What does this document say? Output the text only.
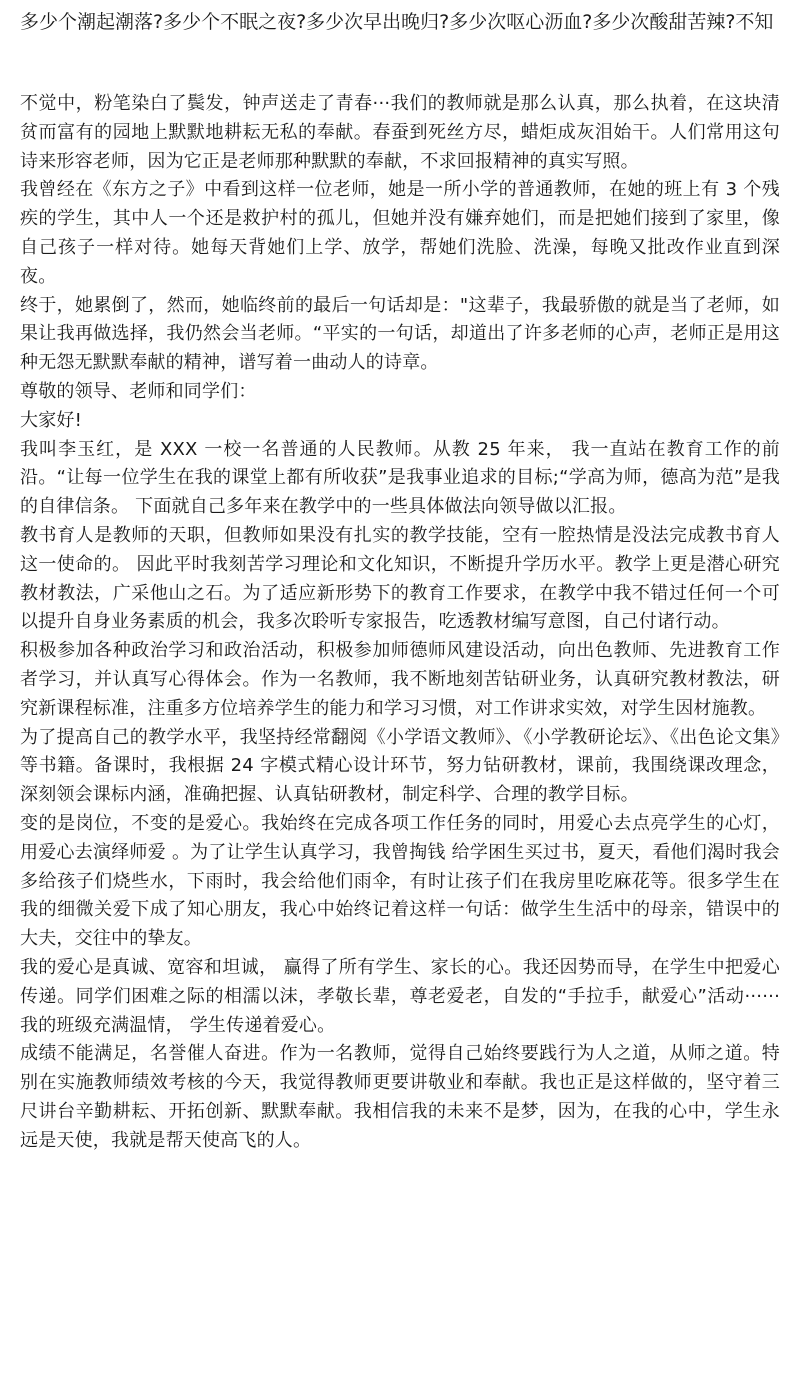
多少个潮起潮落?多少个不眠之夜?多少次早出晚归?多少次呕心沥血?多少次酸甜苦辣?不知

不觉中，粉笔染白了鬓发，钟声送走了青春···我们的教师就是那么认真，那么执着，在这块清贫而富有的园地上默默地耕耘无私的奉献。春蚕到死丝方尽，蜡炬成灰泪始干。人们常用这句诗来形容老师，因为它正是老师那种默默的奉献，不求回报精神的真实写照。

我曾经在《东方之子》中看到这样一位老师，她是一所小学的普通教师，在她的班上有 3 个残疾的学生，其中人一个还是救护村的孤儿，但她并没有嫌弃她们，而是把她们接到了家里，像自己孩子一样对待。她每天背她们上学、放学，帮她们洗脸、洗澡，每晚又批改作业直到深夜。

终于，她累倒了，然而，她临终前的最后一句话却是："这辈子，我最骄傲的就是当了老师，如果让我再做选择，我仍然会当老师。“平实的一句话，却道出了许多老师的心声，老师正是用这种无怨无默默奉献的精神，谱写着一曲动人的诗章。

尊敬的领导、老师和同学们：

大家好!

我叫李玉红，是 XXX 一校一名普通的人民教师。从教 25 年来， 我一直站在教育工作的前沿。“让每一位学生在我的课堂上都有所收获”是我事业追求的目标;“学高为师，德高为范”是我的自律信条。 下面就自己多年来在教学中的一些具体做法向领导做以汇报。

教书育人是教师的天职，但教师如果没有扎实的教学技能，空有一腔热情是没法完成教书育人这一使命的。 因此平时我刻苦学习理论和文化知识，不断提升学历水平。教学上更是潜心研究教材教法，广采他山之石。为了适应新形势下的教育工作要求，在教学中我不错过任何一个可以提升自身业务素质的机会，我多次聆听专家报告，吃透教材编写意图，自己付诸行动。

积极参加各种政治学习和政治活动，积极参加师德师风建设活动，向出色教师、先进教育工作者学习，并认真写心得体会。作为一名教师，我不断地刻苦钻研业务，认真研究教材教法，研究新课程标准，注重多方位培养学生的能力和学习习惯，对工作讲求实效，对学生因材施教。

为了提高自己的教学水平，我坚持经常翻阅《小学语文教师》、《小学教研论坛》、《出色论文集》等书籍。备课时，我根据 24 字模式精心设计环节，努力钻研教材，课前，我围绕课改理念，深刻领会课标内涵，准确把握、认真钻研教材，制定科学、合理的教学目标。

变的是岗位，不变的是爱心。我始终在完成各项工作任务的同时，用爱心去点亮学生的心灯，用爱心去演绎师爱 。为了让学生认真学习，我曾掏钱 给学困生买过书，夏天，看他们渴时我会多给孩子们烧些水，下雨时，我会给他们雨伞，有时让孩子们在我房里吃麻花等。很多学生在我的细微关爱下成了知心朋友，我心中始终记着这样一句话：做学生生活中的母亲，错误中的大夫，交往中的挚友。

我的爱心是真诚、宽容和坦诚， 赢得了所有学生、家长的心。我还因势而导，在学生中把爱心传递。同学们困难之际的相濡以沫，孝敬长辈，尊老爱老，自发的“手拉手，献爱心”活动······我的班级充满温情， 学生传递着爱心。

成绩不能满足，名誉催人奋进。作为一名教师，觉得自己始终要践行为人之道，从师之道。特别在实施教师绩效考核的今天，我觉得教师更要讲敬业和奉献。我也正是这样做的，坚守着三尺讲台辛勤耕耘、开拓创新、默默奉献。我相信我的未来不是梦，因为，在我的心中，学生永远是天使，我就是帮天使高飞的人。
